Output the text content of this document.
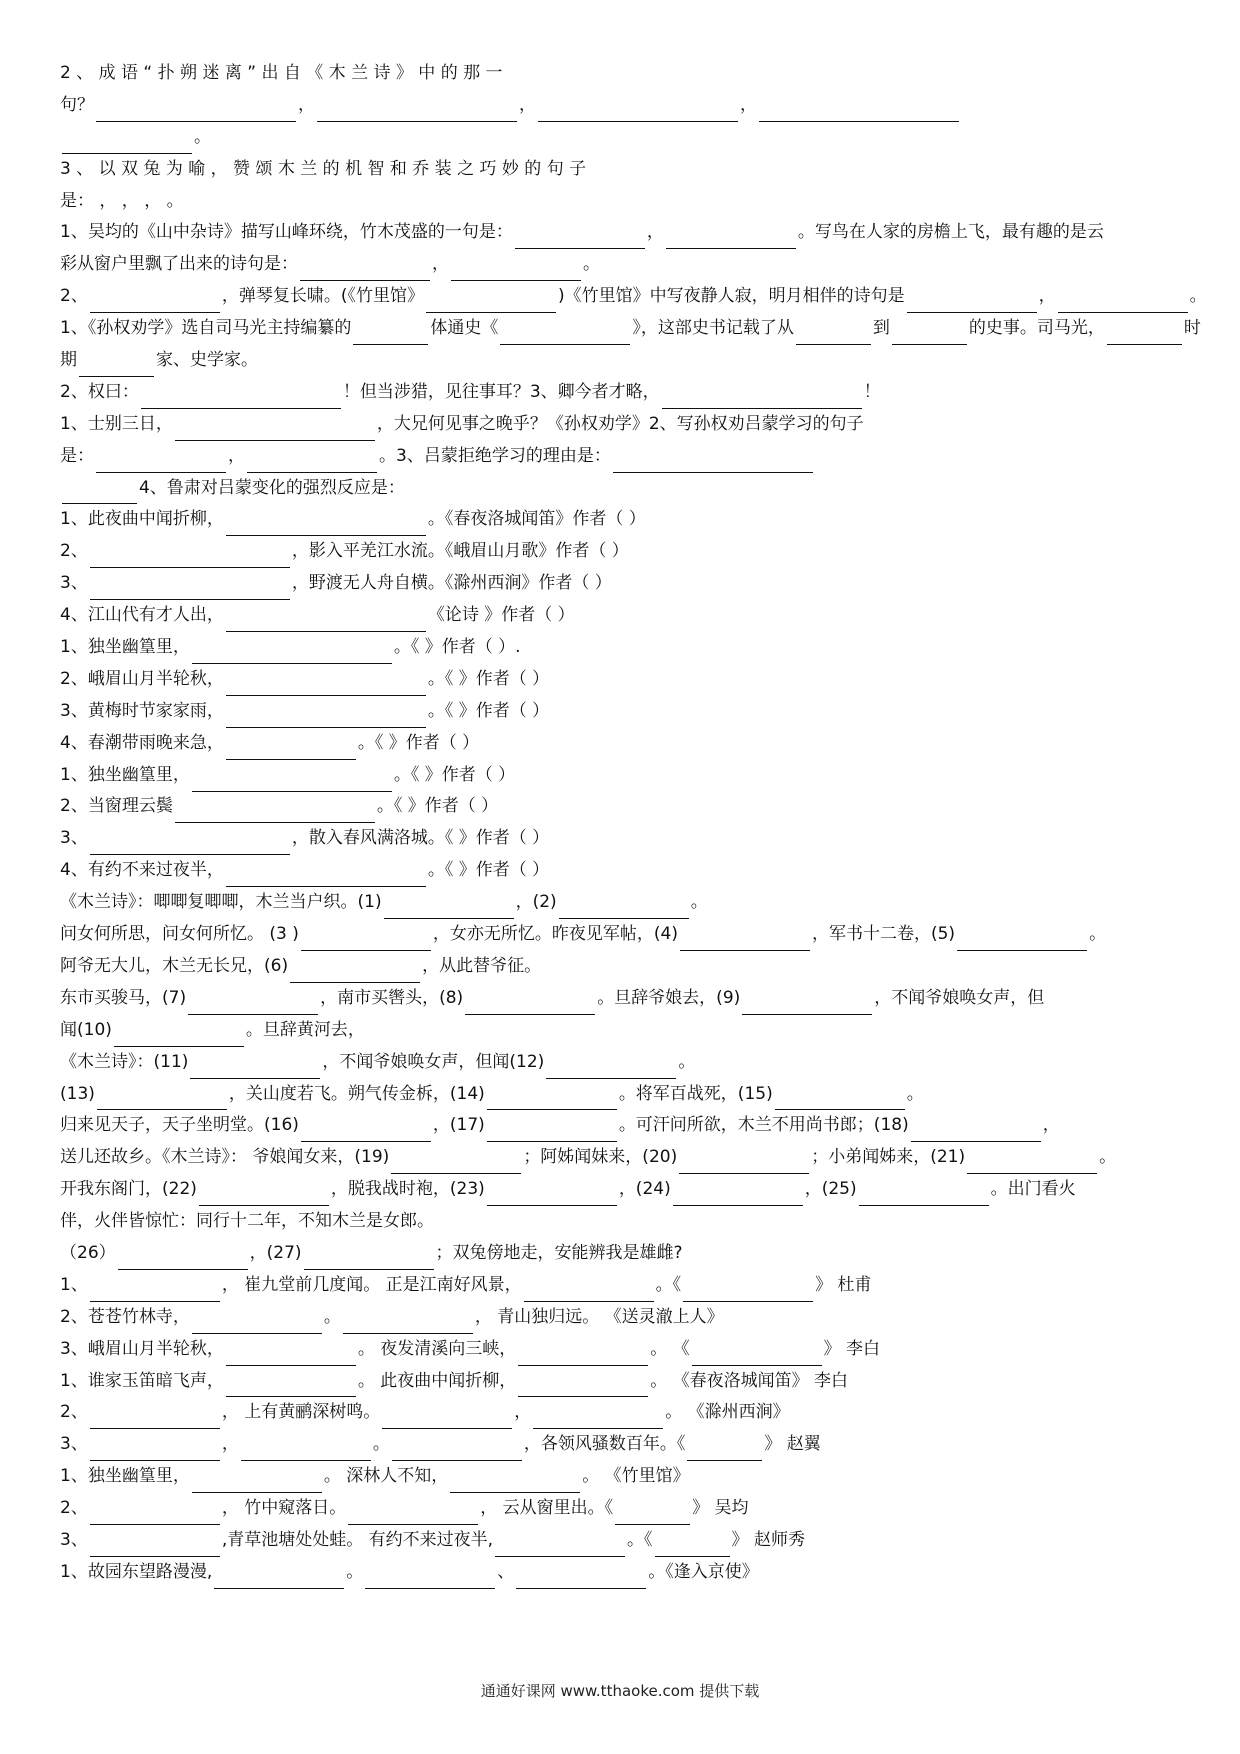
2 、 成 语 “ 扑 朔 迷 离 ” 出 自 《 木 兰 诗 》 中 的 那 一
句？	，	，	，
。
3 、 以 双 兔 为 喻 ， 赞 颂 木 兰 的 机 智 和 乔 装 之 巧 妙 的 句 子
是： ， ， ， 。
1、吴均的《山中杂诗》描写山峰环绕，竹木茂盛的一句是：	，	。写鸟在人家的房檐上飞，最有趣的是云
彩从窗户里飘了出来的诗句是：	，	。
2、	，弹琴复长啸。(《竹里馆》	)《竹里馆》中写夜静人寂，明月相伴的诗句是	，	。
1、《孙权劝学》选自司马光主持编纂的	体通史《	》，这部史书记载了从	到	的史事。司马光，	时
期	家、史学家。
2、权曰：	！但当涉猎，见往事耳？3、卿今者才略，	！
1、士别三日，	，大兄何见事之晚乎？《孙权劝学》2、写孙权劝吕蒙学习的句子
是：	，	。3、吕蒙拒绝学习的理由是：
4、鲁肃对吕蒙变化的强烈反应是：
1、此夜曲中闻折柳，	。《春夜洛城闻笛》作者（ ）
2、	，影入平羌江水流。《峨眉山月歌》作者（ ）
3、	，野渡无人舟自横。《滁州西涧》作者（ ）
4、江山代有才人出，	《论诗 》作者（ ）
1、独坐幽篁里，	。《 》作者（ ）.
2、峨眉山月半轮秋，	。《 》作者（ ）
3、黄梅时节家家雨，	。《 》作者（ ）
4、春潮带雨晚来急，	。《 》作者（ ）
1、独坐幽篁里，	。《 》作者（ ）
2、当窗理云鬓	。《 》作者（ ）
3、	，散入春风满洛城。《 》作者（ ）
4、有约不来过夜半，	。《 》作者（ ）
《木兰诗》：唧唧复唧唧，木兰当户织。(1)	，(2)	。
问女何所思，问女何所忆。 (3 )	，女亦无所忆。昨夜见军帖，(4)	，军书十二卷，(5)	。
阿爷无大儿，木兰无长兄，(6)	，从此替爷征。
东市买骏马，(7)	，南市买辔头，(8)	。旦辞爷娘去，(9)	，不闻爷娘唤女声，但
闻(10)	。旦辞黄河去，
《木兰诗》：(11)	，不闻爷娘唤女声，但闻(12)	。
(13)	，关山度若飞。朔气传金柝，(14)	。将军百战死，(15)	。
归来见天子，天子坐明堂。(16)	，(17)	。可汗问所欲，木兰不用尚书郎；(18)	，
送儿还故乡。《木兰诗》： 爷娘闻女来，(19)	；阿姊闻妹来，(20)	；小弟闻姊来，(21)	。
开我东阁门，(22)	，脱我战时袍，(23)	，(24)	，(25)	。出门看火
伴，火伴皆惊忙：同行十二年，不知木兰是女郎。
（26）	，(27)	；双兔傍地走，安能辨我是雄雌?
1、	， 崔九堂前几度闻。 正是江南好风景，	。《	》 杜甫
2、苍苍竹林寺，	。	， 青山独归远。 《送灵澈上人》
3、峨眉山月半轮秋，	。 夜发清溪向三峡，	。 《	》 李白
1、谁家玉笛暗飞声，	。 此夜曲中闻折柳，	。 《春夜洛城闻笛》 李白
2、	， 上有黄鹂深树鸣。	，	。 《滁州西涧》
3、	，	。	，各领风骚数百年。《	》 赵翼
1、独坐幽篁里，	。 深林人不知，	。 《竹里馆》
2、	， 竹中窥落日。	， 云从窗里出。《	》 吴均
3、	,青草池塘处处蛙。 有约不来过夜半,	。《	》 赵师秀
1、故园东望路漫漫,	。	、	。《逢入京使》
通通好课网 www.tthaoke.com 提供下载
